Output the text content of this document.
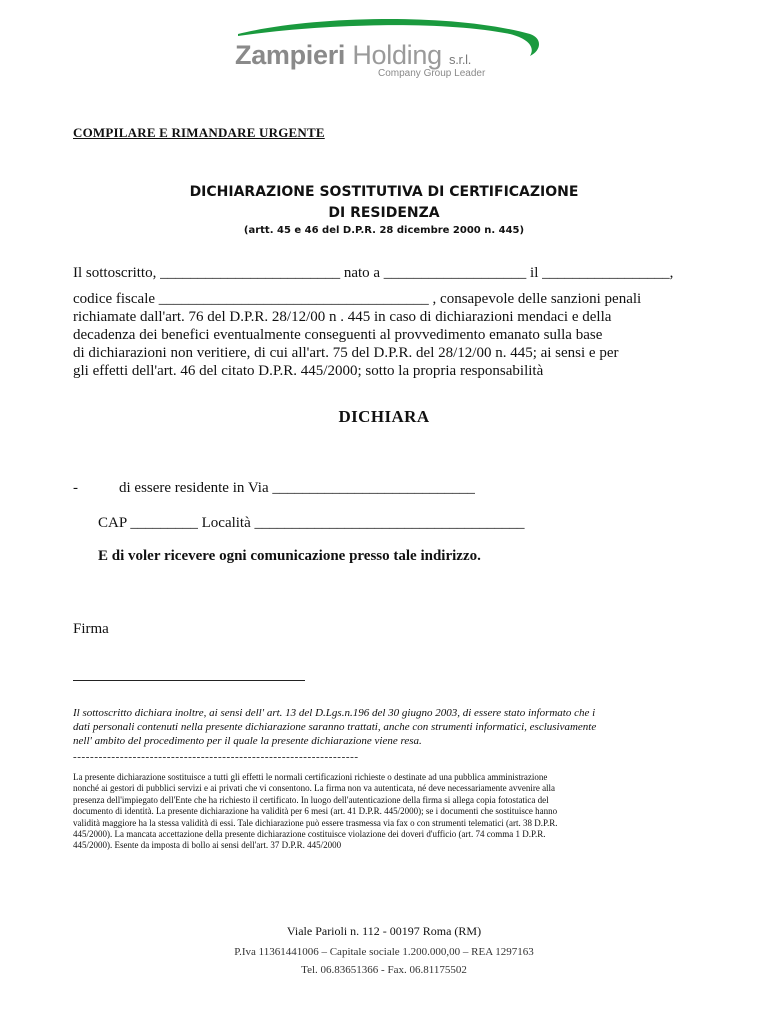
Zampieri Holding s.r.l.
Company Group Leader
COMPILARE E RIMANDARE URGENTE
DICHIARAZIONE SOSTITUTIVA DI CERTIFICAZIONE
DI RESIDENZA
(artt. 45 e 46 del D.P.R. 28 dicembre 2000 n. 445)
Il sottoscritto, ________________________ nato a ___________________ il _________________,
codice fiscale ____________________________________ , consapevole delle sanzioni penali
richiamate dall'art. 76 del D.P.R. 28/12/00 n . 445 in caso di dichiarazioni mendaci e della
decadenza dei benefici eventualmente conseguenti al provvedimento emanato sulla base
di dichiarazioni non veritiere, di cui all'art. 75 del D.P.R. del 28/12/00 n. 445; ai sensi e per
gli effetti dell'art. 46 del citato D.P.R. 445/2000; sotto la propria responsabilità
DICHIARA
-	di essere residente in Via ___________________________
CAP _________ Località ____________________________________
E di voler ricevere ogni comunicazione presso tale indirizzo.
Firma
Il sottoscritto dichiara inoltre, ai sensi dell' art. 13 del D.Lgs.n.196 del 30 giugno 2003, di essere stato informato che i
dati personali contenuti nella presente dichiarazione saranno trattati, anche con strumenti informatici, esclusivamente
nell' ambito del procedimento per il quale la presente dichiarazione viene resa.
-------------------------------------------------------------------
La presente dichiarazione sostituisce a tutti gli effetti le normali certificazioni richieste o destinate ad una pubblica amministrazione
nonché ai gestori di pubblici servizi e ai privati che vi consentono. La firma non va autenticata, né deve necessariamente avvenire alla
presenza dell'impiegato dell'Ente che ha richiesto il certificato. In luogo dell'autenticazione della firma si allega copia fotostatica del
documento di identità. La presente dichiarazione ha validità per 6 mesi (art. 41 D.P.R. 445/2000); se i documenti che sostituisce hanno
validità maggiore ha la stessa validità di essi. Tale dichiarazione può essere trasmessa via fax o con strumenti telematici (art. 38 D.P.R.
445/2000). La mancata accettazione della presente dichiarazione costituisce violazione dei doveri d'ufficio (art. 74 comma 1 D.P.R.
445/2000). Esente da imposta di bollo ai sensi dell'art. 37 D.P.R. 445/2000
Viale Parioli n. 112 - 00197 Roma (RM)
P.Iva 11361441006 – Capitale sociale 1.200.000,00 – REA 1297163
Tel. 06.83651366 - Fax. 06.81175502
